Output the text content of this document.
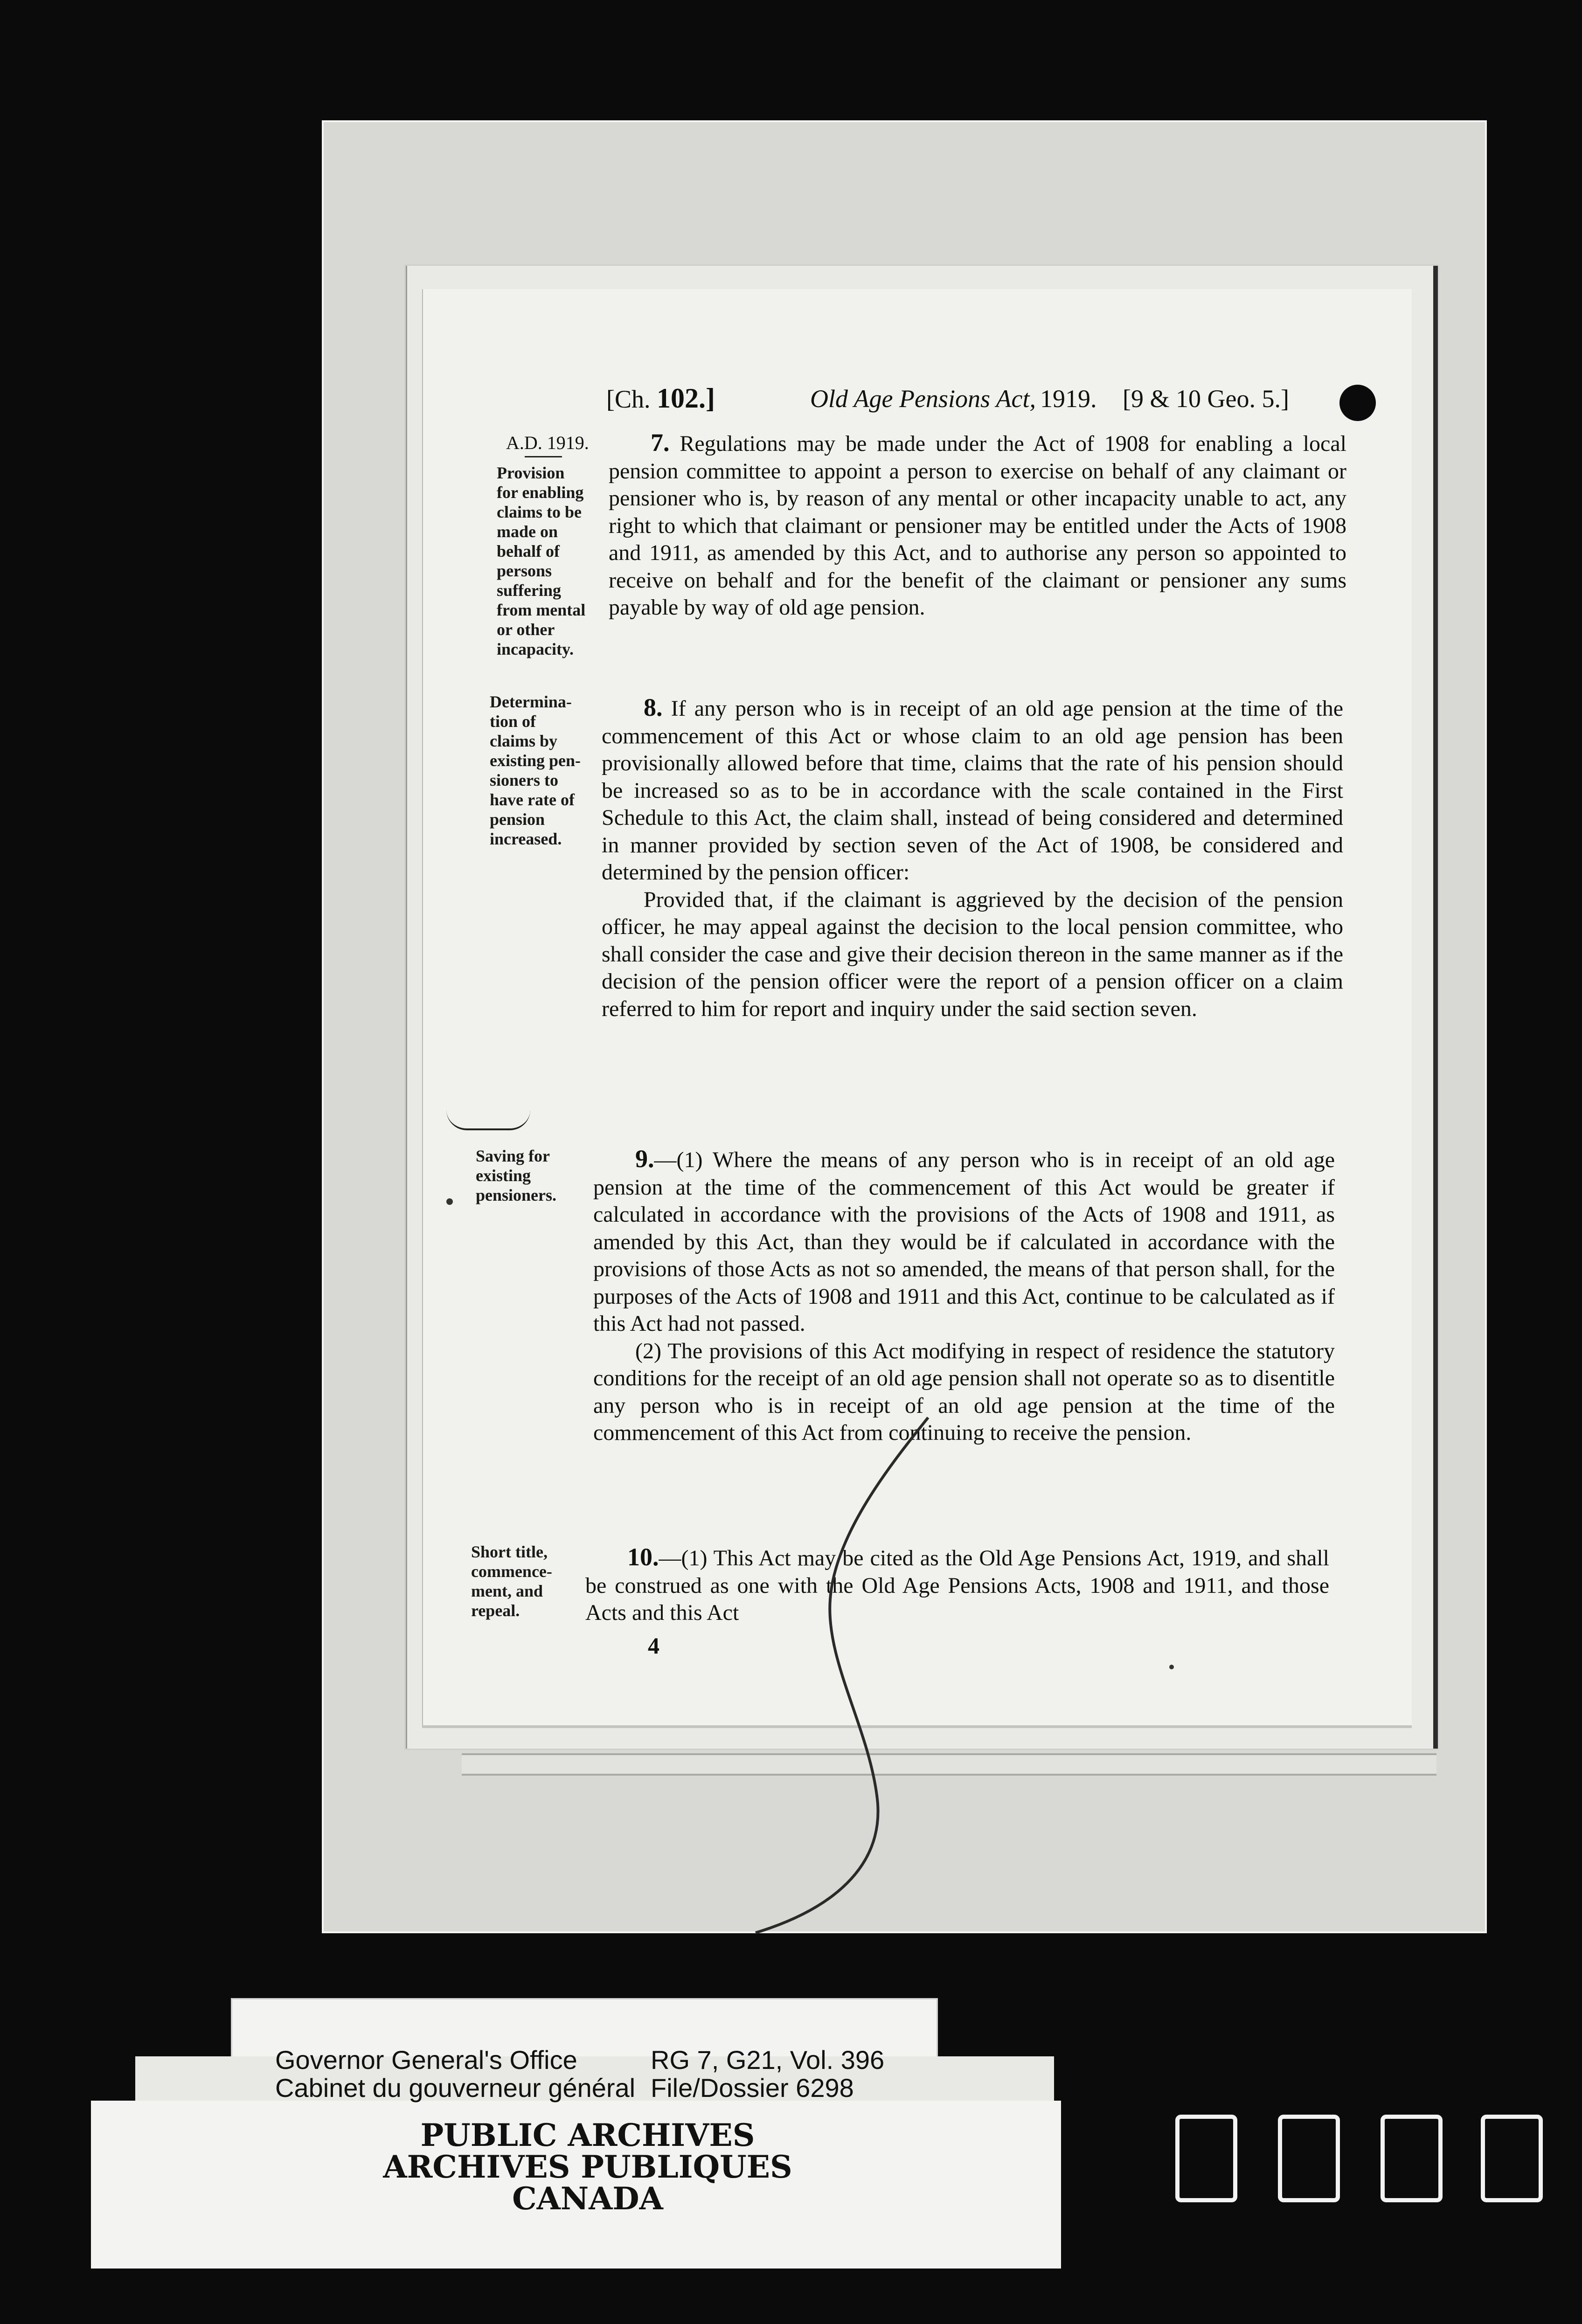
[Ch. 102.]	Old Age Pensions Act, 1919. [9 & 10 Geo. 5.]
A.D. 1919.
Provision
for enabling
claims to be
made on
behalf of
persons
suffering
from mental
or other
incapacity.
Determina-
tion of
claims by
existing pen-
sioners to
have rate of
pension
increased.
Saving for
existing
pensioners.
Short title,
commence-
ment, and
repeal.
7. Regulations may be made under the Act of 1908 for enabling a local pension committee to appoint a person to exercise on behalf of any claimant or pensioner who is, by reason of any mental or other incapacity unable to act, any right to which that claimant or pensioner may be entitled under the Acts of 1908 and 1911, as amended by this Act, and to authorise any person so appointed to receive on behalf and for the benefit of the claimant or pensioner any sums payable by way of old age pension.
8. If any person who is in receipt of an old age pension at the time of the commencement of this Act or whose claim to an old age pension has been provisionally allowed before that time, claims that the rate of his pension should be increased so as to be in accordance with the scale contained in the First Schedule to this Act, the claim shall, instead of being considered and determined in manner provided by section seven of the Act of 1908, be considered and determined by the pension officer:
Provided that, if the claimant is aggrieved by the decision of the pension officer, he may appeal against the decision to the local pension committee, who shall consider the case and give their decision thereon in the same manner as if the decision of the pension officer were the report of a pension officer on a claim referred to him for report and inquiry under the said section seven.
9.—(1) Where the means of any person who is in receipt of an old age pension at the time of the commencement of this Act would be greater if calculated in accordance with the provisions of the Acts of 1908 and 1911, as amended by this Act, than they would be if calculated in accordance with the provisions of those Acts as not so amended, the means of that person shall, for the purposes of the Acts of 1908 and 1911 and this Act, continue to be calculated as if this Act had not passed.
(2) The provisions of this Act modifying in respect of residence the statutory conditions for the receipt of an old age pension shall not operate so as to disentitle any person who is in receipt of an old age pension at the time of the commencement of this Act from continuing to receive the pension.
10.—(1) This Act may be cited as the Old Age Pensions Act, 1919, and shall be construed as one with the Old Age Pensions Acts, 1908 and 1911, and those Acts and this Act
4
Governor General's Office
Cabinet du gouverneur général
RG 7, G21, Vol. 396
File/Dossier 6298
PUBLIC ARCHIVES
ARCHIVES PUBLIQUES
CANADA
